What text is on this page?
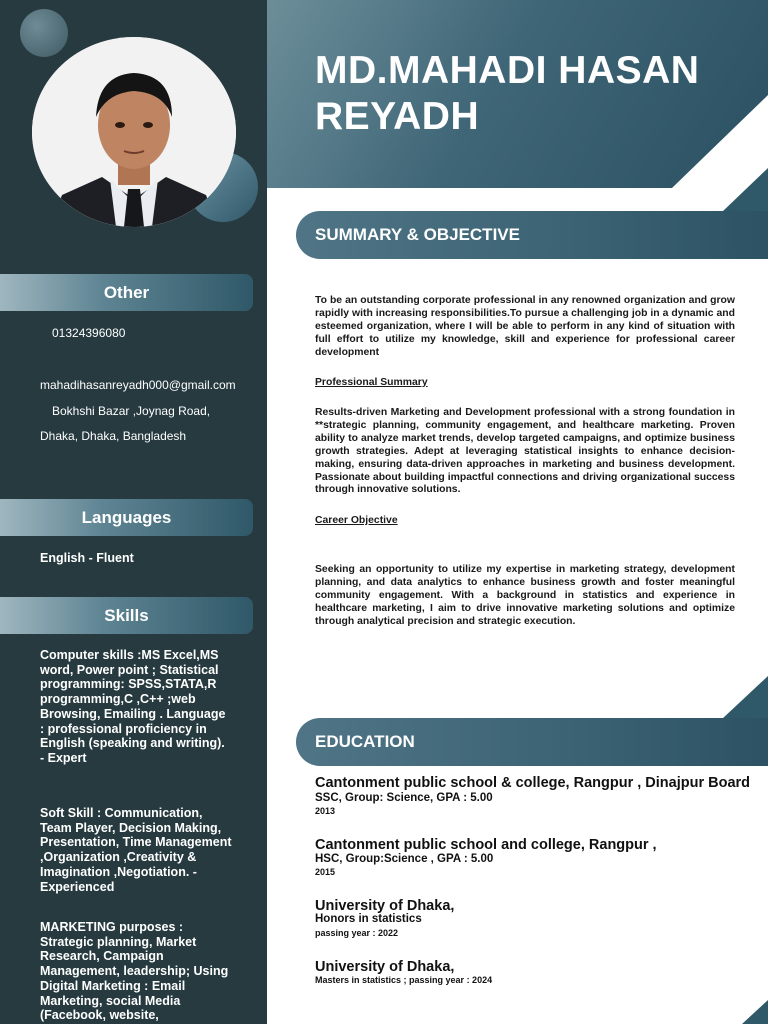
Other
01324396080
mahadihasanreyadh000@gmail.com
Bokhshi Bazar ,Joynag Road,
Dhaka, Dhaka, Bangladesh
Languages
English - Fluent
Skills
Computer skills :MS Excel,MS word, Power point ; Statistical programming: SPSS,STATA,R programming,C ,C++ ;web Browsing, Emailing . Language : professional proficiency in English (speaking and writing). - Expert
Soft Skill : Communication, Team Player, Decision Making, Presentation, Time Management ,Organization ,Creativity & Imagination ,Negotiation. - Experienced
MARKETING purposes : Strategic planning, Market Research, Campaign Management, leadership; Using Digital Marketing : Email Marketing, social Media (Facebook, website,
MD.MAHADI HASAN REYADH
SUMMARY & OBJECTIVE
To be an outstanding corporate professional in any renowned organization and grow rapidly with increasing responsibilities.To pursue a challenging job in a dynamic and esteemed organization, where I will be able to perform in any kind of situation with full effort to utilize my knowledge, skill and experience for professional career development
Professional Summary
Results-driven Marketing and Development professional with a strong foundation in **strategic planning, community engagement, and healthcare marketing. Proven ability to analyze market trends, develop targeted campaigns, and optimize business growth strategies. Adept at leveraging statistical insights to enhance decision-making, ensuring data-driven approaches in marketing and business development. Passionate about building impactful connections and driving organizational success through innovative solutions.
Career Objective
Seeking an opportunity to utilize my expertise in marketing strategy, development planning, and data analytics to enhance business growth and foster meaningful community engagement. With a background in statistics and experience in healthcare marketing, I aim to drive innovative marketing solutions and optimize through analytical precision and strategic execution.
EDUCATION
Cantonment public school & college, Rangpur , Dinajpur Board
SSC, Group: Science, GPA : 5.00
2013
Cantonment public school and college, Rangpur ,
HSC, Group:Science , GPA : 5.00
2015
University of Dhaka,
Honors in statistics
passing year : 2022
University of Dhaka,
Masters in statistics ; passing year : 2024
